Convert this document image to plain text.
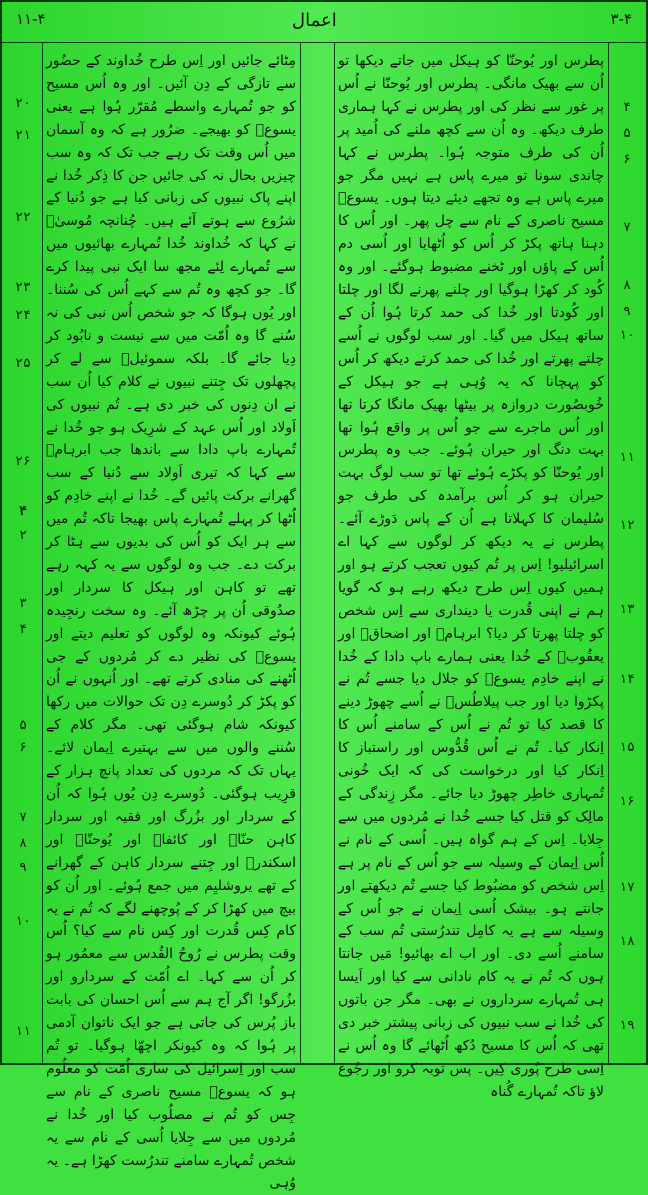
۱۱-۴	اعمال	۳-۴
۴
۵
۶
۷
۸
۹
۱۰
۱۱
۱۲
۱۳
۱۴
۱۵
۱۶
۱۷
۱۸
۱۹

پطرس اور یُوحنّا کو ہیکل میں جاتے دیکھا تو اُن سے بھیک مانگی۔ پطرس اور یُوحنّا نے اُس پر غور سے نظر کی اور پطرس نے کہا ہماری طرف دیکھ۔ وہ اُن سے کچھ ملنے کی اُمید پر اُن کی طرف متوجہ ہُوا۔ پطرس نے کہا چاندی سونا تو میرے پاس ہے نہیں مگر جو میرے پاس ہے وہ تجھے دیئے دیتا ہوں۔ یسوعؔ مسیح ناصری کے نام سے چل پھر۔ اور اُس کا دہنا ہاتھ پکڑ کر اُس کو اُٹھایا اور اُسی دم اُس کے پاؤں اور ٹخنے مضبوط ہوگئے۔ اور وہ کُود کر کھڑا ہوگیا اور چلنے پھرنے لگا اور چلتا اور کُودتا اور خُدا کی حمد کرتا ہُوا اُن کے ساتھ ہیکل میں گیا۔ اور سب لوگوں نے اُسے چلتے پھرتے اور خُدا کی حمد کرتے دیکھ کر اُس کو پہچانا کہ یہ وُہی ہے جو ہیکل کے خُوبصُورت دروازہ پر بیٹھا بھیک مانگا کرتا تھا اور اُس ماجرے سے جو اُس پر واقع ہُوا تھا بہت دنگ اور حیران ہُوئے۔ جب وہ پطرس اور یُوحنّا کو پکڑے ہُوئے تھا تو سب لوگ بہت حیران ہو کر اُس برآمدہ کی طرف جو سُلیمان کا کہلاتا ہے اُن کے پاس دَوڑے آئے۔ پطرس نے یہ دیکھ کر لوگوں سے کہا اے اسرائیلیو! اِس پر تُم کیوں تعجب کرتے ہو اور ہمیں کیوں اِس طرح دیکھ رہے ہو کہ گویا ہم نے اپنی قُدرت یا دینداری سے اِس شخص کو چلتا پھرتا کر دیا؟ ابرہامؔ اور اضحاقؔ اور یعقُوبؔ کے خُدا یعنی ہمارے باپ دادا کے خُدا نے اپنے خادِم یسوعؔ کو جلال دیا جسے تُم نے پکڑوا دیا اور جب پیلاطُسؔ نے اُسے چھوڑ دینے کا قصد کیا تو تُم نے اُس کے سامنے اُس کا اِنکار کیا۔ تُم نے اُس قُدُّوس اور راستباز کا اِنکار کیا اور درخواست کی کہ ایک خُونی تُمہاری خاطِر چھوڑ دیا جائے۔ مگر زِندگی کے مالِک کو قتل کیا جسے خُدا نے مُردوں میں سے جِلایا۔ اِس کے ہم گواہ ہیں۔ اُسی کے نام نے اُس اِیمان کے وسیلہ سے جو اُس کے نام پر ہے اِس شخص کو مضبُوط کیا جسے تُم دیکھتے اور جانتے ہو۔ بیشک اُسی اِیمان نے جو اُس کے وسیلہ سے ہے یہ کامِل تندرُستی تُم سب کے سامنے اُسے دی۔ اور اب اے بھائیو! مَیں جانتا ہوں کہ تُم نے یہ کام نادانی سے کیا اور اَیسا ہی تُمہارے سرداروں نے بھی۔ مگر جن باتوں کی خُدا نے سب نبیوں کی زبانی پیشتر خبر دی تھی کہ اُس کا مسیح دُکھ اُٹھائے گا وہ اُس نے اِسی طرح پُوری کِیں۔ پس توبہ کرو اور رجُوع لاؤ تاکہ تُمہارے گُناہ

۲۰
۲۱
۲۲
۲۳
۲۴
۲۵
۲۶
۴
۲
۳
۴
۵
۶
۷
۸
۹
۱۰
۱۱

مِٹائے جائیں اور اِس طرح خُداوند کے حضُور سے تازگی کے دِن آئیں۔ اور وہ اُس مسیح کو جو تُمہارے واسطے مُقرّر ہُوا ہے یعنی یسوعؔ کو بھیجے۔ ضرُور ہے کہ وہ آسمان میں اُس وقت تک رہے جب تک کہ وہ سب چیزیں بحال نہ کی جائیں جن کا ذِکر خُدا نے اپنے پاک نبیوں کی زبانی کیا ہے جو دُنیا کے شرُوع سے ہوتے آئے ہیں۔ چُنانچہ مُوسیٰؔ نے کہا کہ خُداوند خُدا تُمہارے بھائیوں میں سے تُمہارے لِئے مجھ سا ایک نبی پیدا کرے گا۔ جو کچھ وہ تُم سے کہے اُس کی سُننا۔ اور یُوں ہوگا کہ جو شخص اُس نبی کی نہ سُنے گا وہ اُمّت میں سے نیست و نابُود کر دِیا جائے گا۔ بلکہ سموئیلؔ سے لے کر پچھلوں تک جِتنے نبیوں نے کلام کیا اُن سب نے ان دِنوں کی خبر دی ہے۔ تُم نبیوں کی اَولاد اور اُس عہد کے شرِیک ہو جو خُدا نے تُمہارے باپ دادا سے باندھا جب ابرہامؔ سے کہا کہ تیری اَولاد سے دُنیا کے سب گھرانے برکت پائیں گے۔ خُدا نے اپنے خادِم کو اُٹھا کر پہلے تُمہارے پاس بھیجا تاکہ تُم میں سے ہر ایک کو اُس کی بدیوں سے ہٹا کر برکت دے۔ جب وہ لوگوں سے یہ کہہ رہے تھے تو کاہن اور ہیکل کا سردار اور صدُوقی اُن پر چڑھ آئے۔ وہ سخت رنجِیدہ ہُوئے کیونکہ وہ لوگوں کو تعلیم دیتے اور یسوعؔ کی نظیر دے کر مُردوں کے جی اُٹھنے کی منادی کرتے تھے۔ اور اُنہوں نے اُن کو پکڑ کر دُوسرے دِن تک حوالات میں رکھا کیونکہ شام ہوگئی تھی۔ مگر کلام کے سُننے والوں میں سے بہتیرے اِیمان لائے۔ یہاں تک کہ مردوں کی تعداد پانچ ہزار کے قرِیب ہوگئی۔ دُوسرے دِن یُوں ہُوا کہ اُن کے سردار اور بزُرگ اور فقیہ اور سردار کاہن حنّاؔ اور کائفاؔ اور یُوحنّاؔ اور اسکندرؔ اور جِتنے سردار کاہن کے گھرانے کے تھے یروشلیِم میں جمع ہُوئے۔ اور اُن کو بیچ میں کھڑا کر کے پُوچھنے لگے کہ تُم نے یہ کام کِس قُدرت اور کِس نام سے کیا؟ اُس وقت پطرس نے رُوحُ القُدس سے معمُور ہو کر اُن سے کہا۔ اے اُمّت کے سردارو اور بزُرگو! اگر آج ہم سے اُس احسان کی بابت باز پُرس کی جاتی ہے جو ایک ناتوان آدمی پر ہُوا کہ وہ کیونکر اچھّا ہوگیا۔ تو تُم سب اور اِسرائیل کی ساری اُمّت کو معلُوم ہو کہ یسوعؔ مسیح ناصری کے نام سے جِس کو تُم نے مصلُوب کیا اور خُدا نے مُردوں میں سے جِلایا اُسی کے نام سے یہ شخص تُمہارے سامنے تندرُست کھڑا ہے۔ یہ وُہی
